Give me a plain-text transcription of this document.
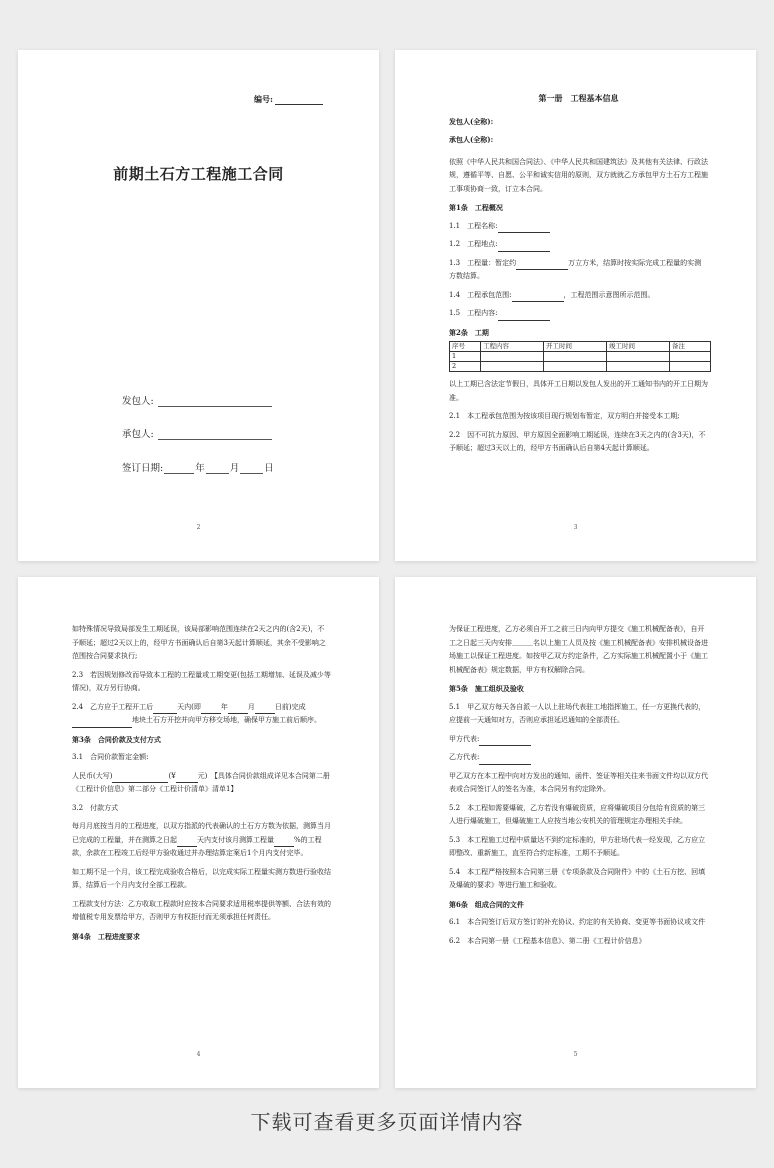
编号:
前期土石方工程施工合同
发包人:
承包人:
签订日期:	年	月	日
2
第一册　工程基本信息
发包人(全称):
承包人(全称):
依照《中华人民共和国合同法》、《中华人民共和国建筑法》及其他有关法律、行政法规，遵循平等、自愿、公平和诚实信用的原则，双方就就乙方承包甲方土石方工程施工事项协商一致，订立本合同。
第1条　工程概况
1.1　工程名称:
1.2　工程地点:
1.3　工程量：暂定约	万立方米，结算时按实际完成工程量的实测方数结算。
1.4　工程承包范围:	，工程范围示意图所示范围。
1.5　工程内容:
第2条　工期
序号	工程内容	开工时间	竣工时间	备注
1				
2				
以上工期已含法定节假日，具体开工日期以发包人发出的开工通知书内的开工日期为准。
2.1　本工程承包范围为按该项目现行规划布暂定，双方明白并接受本工期;
2.2　因不可抗力原因、甲方原因全面影响工期延误，连续在3天之内的(含3天)，不予顺延；超过3天以上的，经甲方书面确认后自第4天起计算顺延。
3
如特殊情况导致局部发生工期延误，该局部影响范围连续在2天之内的(含2天)，不予顺延；超过2天以上的，经甲方书面确认后自第3天起计算顺延，其余不受影响之范围按合同要求执行;
2.3　若因规划修改而导致本工程的工程量或工期变更(包括工期增加、延误及减少等情况)，双方另行协商。
2.4　乙方应于工程开工后	天内(即	年	月	日前)完成地块土石方开挖并向甲方移交场地，确保甲方施工前后顺序。
第3条　合同价款及支付方式
3.1　合同价款暂定金额:
人民币(大写)	(¥	元)　【具体合同价款组成详见本合同第二册《工程计价信息》第二部分《工程计价清单》清单1】
3.2　付款方式
每月月底按当月的工程进度，以双方指派的代表确认的土石方方数为依据，测算当月已完成的工程量，并在测算之日起	天内支付该月测算工程量	%的工程款，余款在工程竣工后经甲方验收通过并办理结算定案后1个月内支付完毕。
如工期不足一个月，该工程完成验收合格后，以完成实际工程量实测方数进行验收结算，结算后一个月内支付全部工程款。
工程款支付方法：乙方收取工程款时应按本合同要求适用税率提供等额、合法有效的增值税专用发票给甲方，否则甲方有权拒付而无须承担任何责任。
第4条　工程进度要求
4
为保证工程进度，乙方必须自开工之前三日内向甲方提交《施工机械配备表》，自开工之日起三天内安排＿＿＿名以上施工人员及按《施工机械配备表》安排机械设备进场施工以保证工程进度。如按甲乙双方约定条件，乙方实际施工机械配置小于《施工机械配备表》规定数据，甲方有权解除合同。
第5条　施工组织及验收
5.1　甲乙双方每天各自派一人以上驻场代表驻工地指挥施工，任一方更换代表的，应提前一天通知对方，否则应承担延迟通知的全部责任。
甲方代表:
乙方代表:
甲乙双方在本工程中向对方发出的通知、函件、签证等相关往来书面文件均以双方代表或合同签订人的签名为准，本合同另有约定除外。
5.2　本工程如需要爆破，乙方若没有爆破资质，应将爆破项目分包给有资质的第三人进行爆破施工，但爆破施工人应按当地公安机关的管理规定办理相关手续。
5.3　本工程施工过程中质量达不到约定标准的，甲方驻场代表一经发现，乙方应立即整改、重新施工，直至符合约定标准，工期不予顺延。
5.4　本工程严格按照本合同第三册《专项条款及合同附件》中的《土石方挖、回填及爆破的要求》等进行施工和验收。
第6条　组成合同的文件
6.1　本合同签订后双方签订的补充协议、约定的有关协商、变更等书面协议或文件
6.2　本合同第一册《工程基本信息》、第二册《工程计价信息》
5
下载可查看更多页面详情内容
